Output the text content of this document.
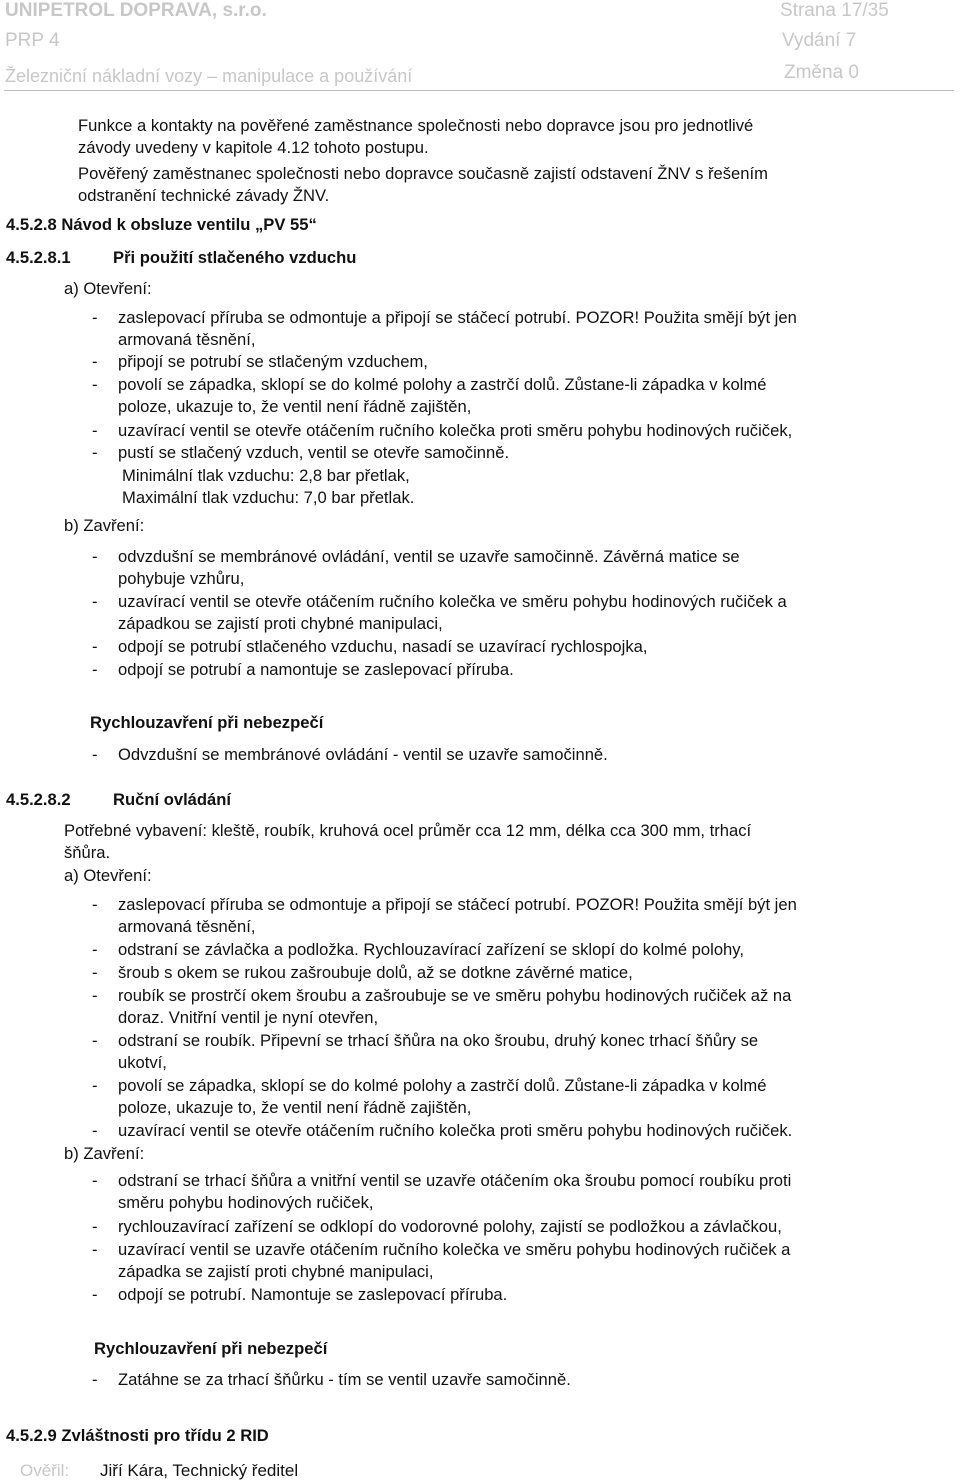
UNIPETROL DOPRAVA, s.r.o.	Strana 17/35
PRP 4	Vydání 7
Železniční nákladní vozy – manipulace a používání	Změna 0
Funkce a kontakty na pověřené zaměstnance společnosti nebo dopravce jsou pro jednotlivé
závody uvedeny v kapitole 4.12 tohoto postupu.
Pověřený zaměstnanec společnosti nebo dopravce současně zajistí odstavení ŽNV s řešením
odstranění technické závady ŽNV.
4.5.2.8 Návod k obsluze ventilu „PV 55“
4.5.2.8.1	Při použití stlačeného vzduchu
a) Otevření:
- zaslepovací příruba se odmontuje a připojí se stáčecí potrubí. POZOR! Použita smějí být jen
armovaná těsnění,
- připojí se potrubí se stlačeným vzduchem,
- povolí se západka, sklopí se do kolmé polohy a zastrčí dolů. Zůstane-li západka v kolmé
poloze, ukazuje to, že ventil není řádně zajištěn,
- uzavírací ventil se otevře otáčením ručního kolečka proti směru pohybu hodinových ručiček,
- pustí se stlačený vzduch, ventil se otevře samočinně.
Minimální tlak vzduchu: 2,8 bar přetlak,
Maximální tlak vzduchu: 7,0 bar přetlak.
b) Zavření:
- odvzdušní se membránové ovládání, ventil se uzavře samočinně. Závěrná matice se
pohybuje vzhůru,
- uzavírací ventil se otevře otáčením ručního kolečka ve směru pohybu hodinových ručiček a
západkou se zajistí proti chybné manipulaci,
- odpojí se potrubí stlačeného vzduchu, nasadí se uzavírací rychlospojka,
- odpojí se potrubí a namontuje se zaslepovací příruba.
Rychlouzavření při nebezpečí
- Odvzdušní se membránové ovládání - ventil se uzavře samočinně.
4.5.2.8.2	Ruční ovládání
Potřebné vybavení: kleště, roubík, kruhová ocel průměr cca 12 mm, délka cca 300 mm, trhací
šňůra.
a) Otevření:
- zaslepovací příruba se odmontuje a připojí se stáčecí potrubí. POZOR! Použita smějí být jen
armovaná těsnění,
- odstraní se závlačka a podložka. Rychlouzavírací zařízení se sklopí do kolmé polohy,
- šroub s okem se rukou zašroubuje dolů, až se dotkne závěrné matice,
- roubík se prostrčí okem šroubu a zašroubuje se ve směru pohybu hodinových ručiček až na
doraz. Vnitřní ventil je nyní otevřen,
- odstraní se roubík. Připevní se trhací šňůra na oko šroubu, druhý konec trhací šňůry se
ukotví,
- povolí se západka, sklopí se do kolmé polohy a zastrčí dolů. Zůstane-li západka v kolmé
poloze, ukazuje to, že ventil není řádně zajištěn,
- uzavírací ventil se otevře otáčením ručního kolečka proti směru pohybu hodinových ručiček.
b) Zavření:
- odstraní se trhací šňůra a vnitřní ventil se uzavře otáčením oka šroubu pomocí roubíku proti
směru pohybu hodinových ručiček,
- rychlouzavírací zařízení se odklopí do vodorovné polohy, zajistí se podložkou a závlačkou,
- uzavírací ventil se uzavře otáčením ručního kolečka ve směru pohybu hodinových ručiček a
západka se zajistí proti chybné manipulaci,
- odpojí se potrubí. Namontuje se zaslepovací příruba.
Rychlouzavření při nebezpečí
- Zatáhne se za trhací šňůrku - tím se ventil uzavře samočinně.
4.5.2.9 Zvláštnosti pro třídu 2 RID
Ověřil: Jiří Kára, Technický ředitel
